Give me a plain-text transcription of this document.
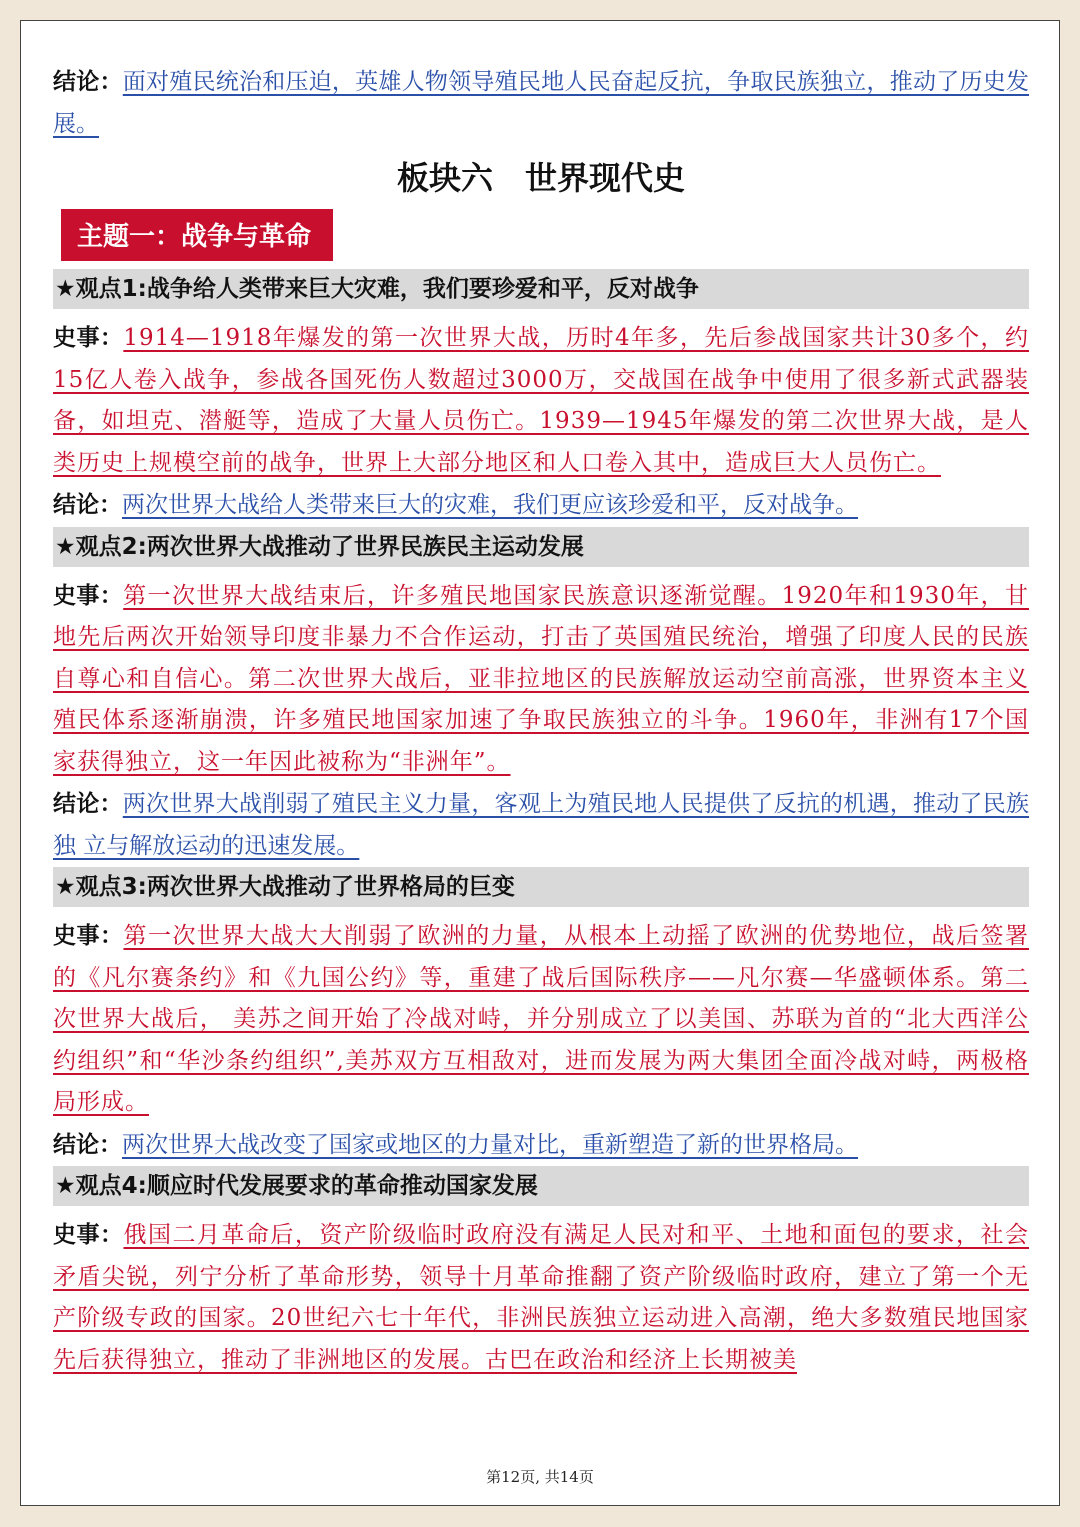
结论：面对殖民统治和压迫，英雄人物领导殖民地人民奋起反抗，争取民族独立，推动了历史发展。

板块六　世界现代史
主题一：战争与革命
★观点1:战争给人类带来巨大灾难，我们要珍爱和平，反对战争

史事：1914—1918年爆发的第一次世界大战，历时4年多，先后参战国家共计30多个，约15亿人卷入战争，参战各国死伤人数超过3000万，交战国在战争中使用了很多新式武器装备，如坦克、潜艇等，造成了大量人员伤亡。1939—1945年爆发的第二次世界大战，是人类历史上规模空前的战争，世界上大部分地区和人口卷入其中，造成巨大人员伤亡。

结论：两次世界大战给人类带来巨大的灾难，我们更应该珍爱和平，反对战争。

★观点2:两次世界大战推动了世界民族民主运动发展

史事：第一次世界大战结束后，许多殖民地国家民族意识逐渐觉醒。1920年和1930年，甘地先后两次开始领导印度非暴力不合作运动，打击了英国殖民统治，增强了印度人民的民族自尊心和自信心。第二次世界大战后，亚非拉地区的民族解放运动空前高涨，世界资本主义殖民体系逐渐崩溃，许多殖民地国家加速了争取民族独立的斗争。1960年，非洲有17个国家获得独立，这一年因此被称为“非洲年”。

结论：两次世界大战削弱了殖民主义力量，客观上为殖民地人民提供了反抗的机遇，推动了民族独 立与解放运动的迅速发展。

★观点3:两次世界大战推动了世界格局的巨变

史事：第一次世界大战大大削弱了欧洲的力量，从根本上动摇了欧洲的优势地位，战后签署的《凡尔赛条约》和《九国公约》等，重建了战后国际秩序——凡尔赛—华盛顿体系。第二次世界大战后， 美苏之间开始了冷战对峙，并分别成立了以美国、苏联为首的“北大西洋公约组织”和“华沙条约组织”,美苏双方互相敌对，进而发展为两大集团全面冷战对峙，两极格局形成。

结论：两次世界大战改变了国家或地区的力量对比，重新塑造了新的世界格局。

★观点4:顺应时代发展要求的革命推动国家发展

史事：俄国二月革命后，资产阶级临时政府没有满足人民对和平、土地和面包的要求，社会矛盾尖锐，列宁分析了革命形势，领导十月革命推翻了资产阶级临时政府，建立了第一个无产阶级专政的国家。20世纪六七十年代，非洲民族独立运动进入高潮，绝大多数殖民地国家先后获得独立，推动了非洲地区的发展。古巴在政治和经济上长期被美

第12页, 共14页
